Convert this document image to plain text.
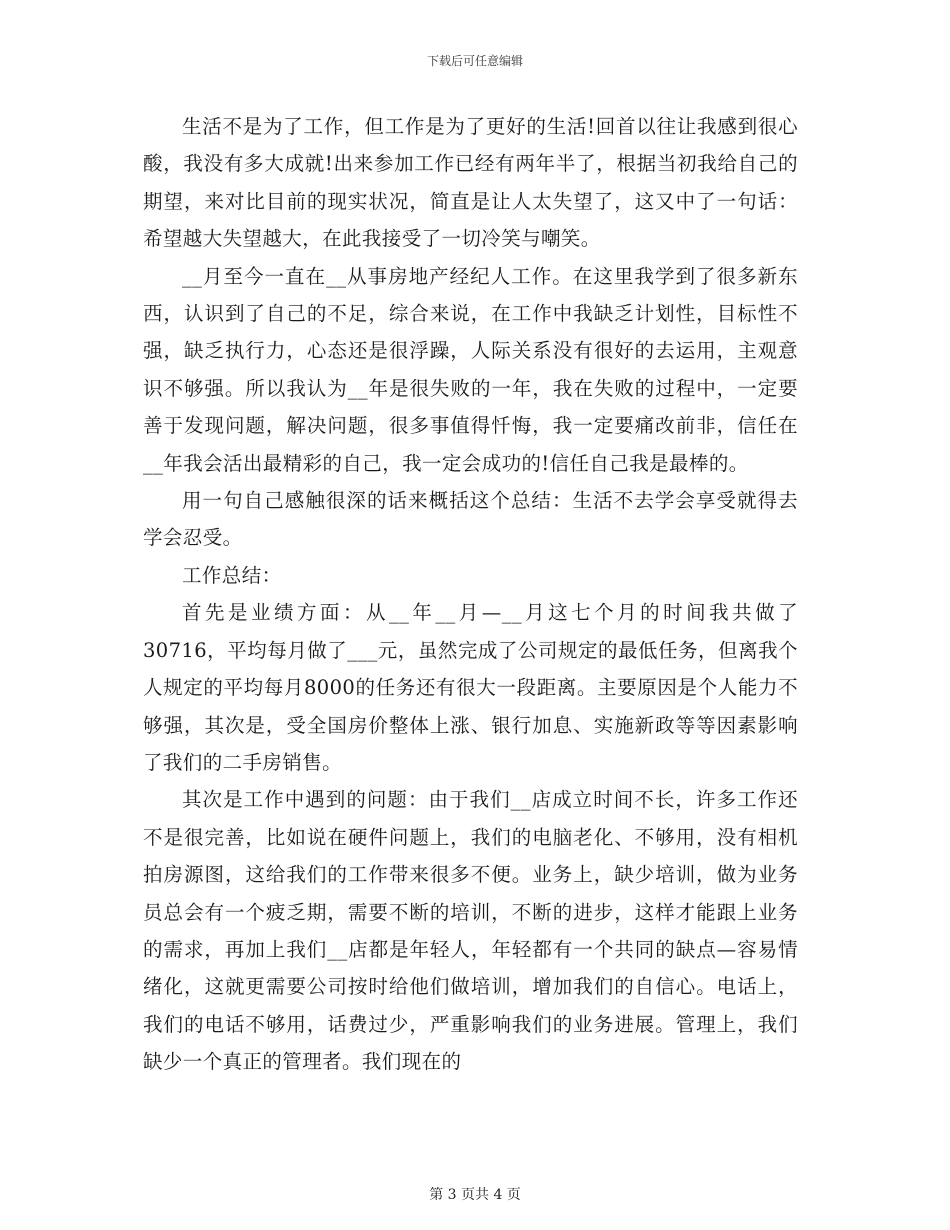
下载后可任意编辑

生活不是为了工作，但工作是为了更好的生活!回首以往让我感到很心酸，我没有多大成就!出来参加工作已经有两年半了，根据当初我给自己的期望，来对比目前的现实状况，简直是让人太失望了，这又中了一句话：希望越大失望越大，在此我接受了一切冷笑与嘲笑。

__月至今一直在__从事房地产经纪人工作。在这里我学到了很多新东西，认识到了自己的不足，综合来说，在工作中我缺乏计划性，目标性不强，缺乏执行力，心态还是很浮躁，人际关系没有很好的去运用，主观意识不够强。所以我认为__年是很失败的一年，我在失败的过程中，一定要善于发现问题，解决问题，很多事值得忏悔，我一定要痛改前非，信任在__年我会活出最精彩的自己，我一定会成功的!信任自己我是最棒的。

用一句自己感触很深的话来概括这个总结：生活不去学会享受就得去学会忍受。

工作总结：

首先是业绩方面：从__年__月—__月这七个月的时间我共做了30716，平均每月做了___元，虽然完成了公司规定的最低任务，但离我个人规定的平均每月8000的任务还有很大一段距离。主要原因是个人能力不够强，其次是，受全国房价整体上涨、银行加息、实施新政等等因素影响了我们的二手房销售。

其次是工作中遇到的问题：由于我们__店成立时间不长，许多工作还不是很完善，比如说在硬件问题上，我们的电脑老化、不够用，没有相机拍房源图，这给我们的工作带来很多不便。业务上，缺少培训，做为业务员总会有一个疲乏期，需要不断的培训，不断的进步，这样才能跟上业务的需求，再加上我们__店都是年轻人，年轻都有一个共同的缺点—容易情绪化，这就更需要公司按时给他们做培训，增加我们的自信心。电话上，我们的电话不够用，话费过少，严重影响我们的业务进展。管理上，我们缺少一个真正的管理者。我们现在的

第 3 页共 4 页
